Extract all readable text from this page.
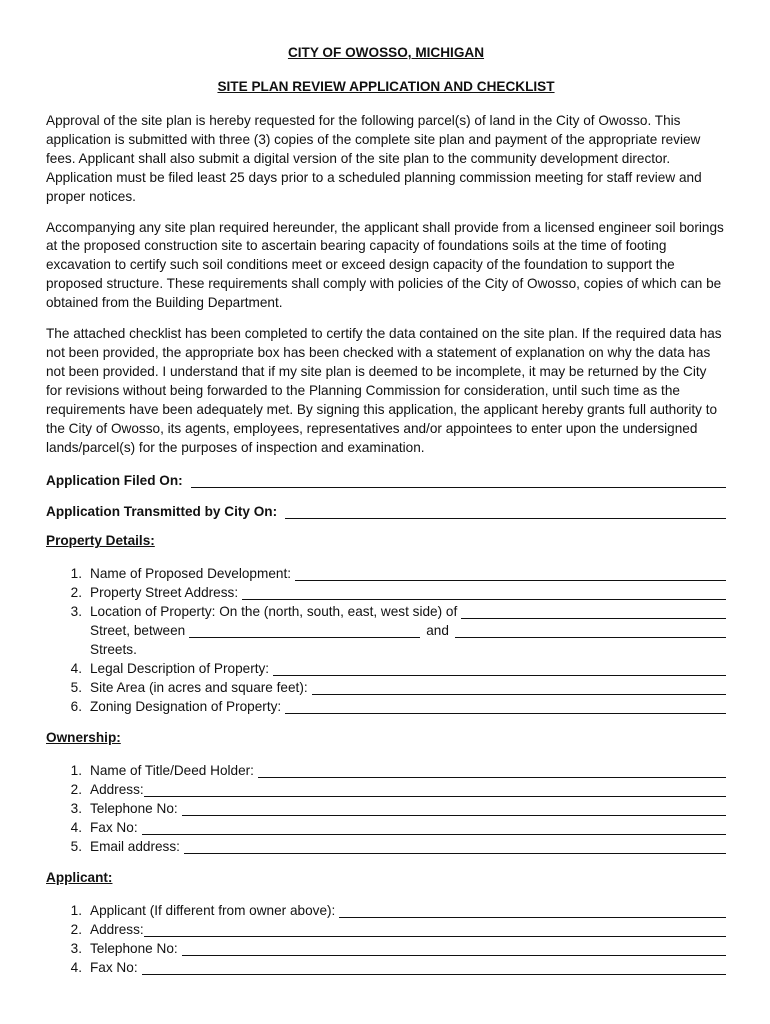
CITY OF OWOSSO, MICHIGAN
SITE PLAN REVIEW APPLICATION AND CHECKLIST
Approval of the site plan is hereby requested for the following parcel(s) of land in the City of Owosso. This application is submitted with three (3) copies of the complete site plan and payment of the appropriate review fees. Applicant shall also submit a digital version of the site plan to the community development director. Application must be filed least 25 days prior to a scheduled planning commission meeting for staff review and proper notices.
Accompanying any site plan required hereunder, the applicant shall provide from a licensed engineer soil borings at the proposed construction site to ascertain bearing capacity of foundations soils at the time of footing excavation to certify such soil conditions meet or exceed design capacity of the foundation to support the proposed structure. These requirements shall comply with policies of the City of Owosso, copies of which can be obtained from the Building Department.
The attached checklist has been completed to certify the data contained on the site plan. If the required data has not been provided, the appropriate box has been checked with a statement of explanation on why the data has not been provided. I understand that if my site plan is deemed to be incomplete, it may be returned by the City for revisions without being forwarded to the Planning Commission for consideration, until such time as the requirements have been adequately met. By signing this application, the applicant hereby grants full authority to the City of Owosso, its agents, employees, representatives and/or appointees to enter upon the undersigned lands/parcel(s) for the purposes of inspection and examination.
Application Filed On:
Application Transmitted by City On:
Property Details:
1. Name of Proposed Development:
2. Property Street Address:
3. Location of Property: On the (north, south, east, west side) of
Street, between	and
Streets.
4. Legal Description of Property:
5. Site Area (in acres and square feet):
6. Zoning Designation of Property:
Ownership:
1. Name of Title/Deed Holder:
2. Address:
3. Telephone No:
4. Fax No:
5. Email address:
Applicant:
1. Applicant (If different from owner above):
2. Address:
3. Telephone No:
4. Fax No:
